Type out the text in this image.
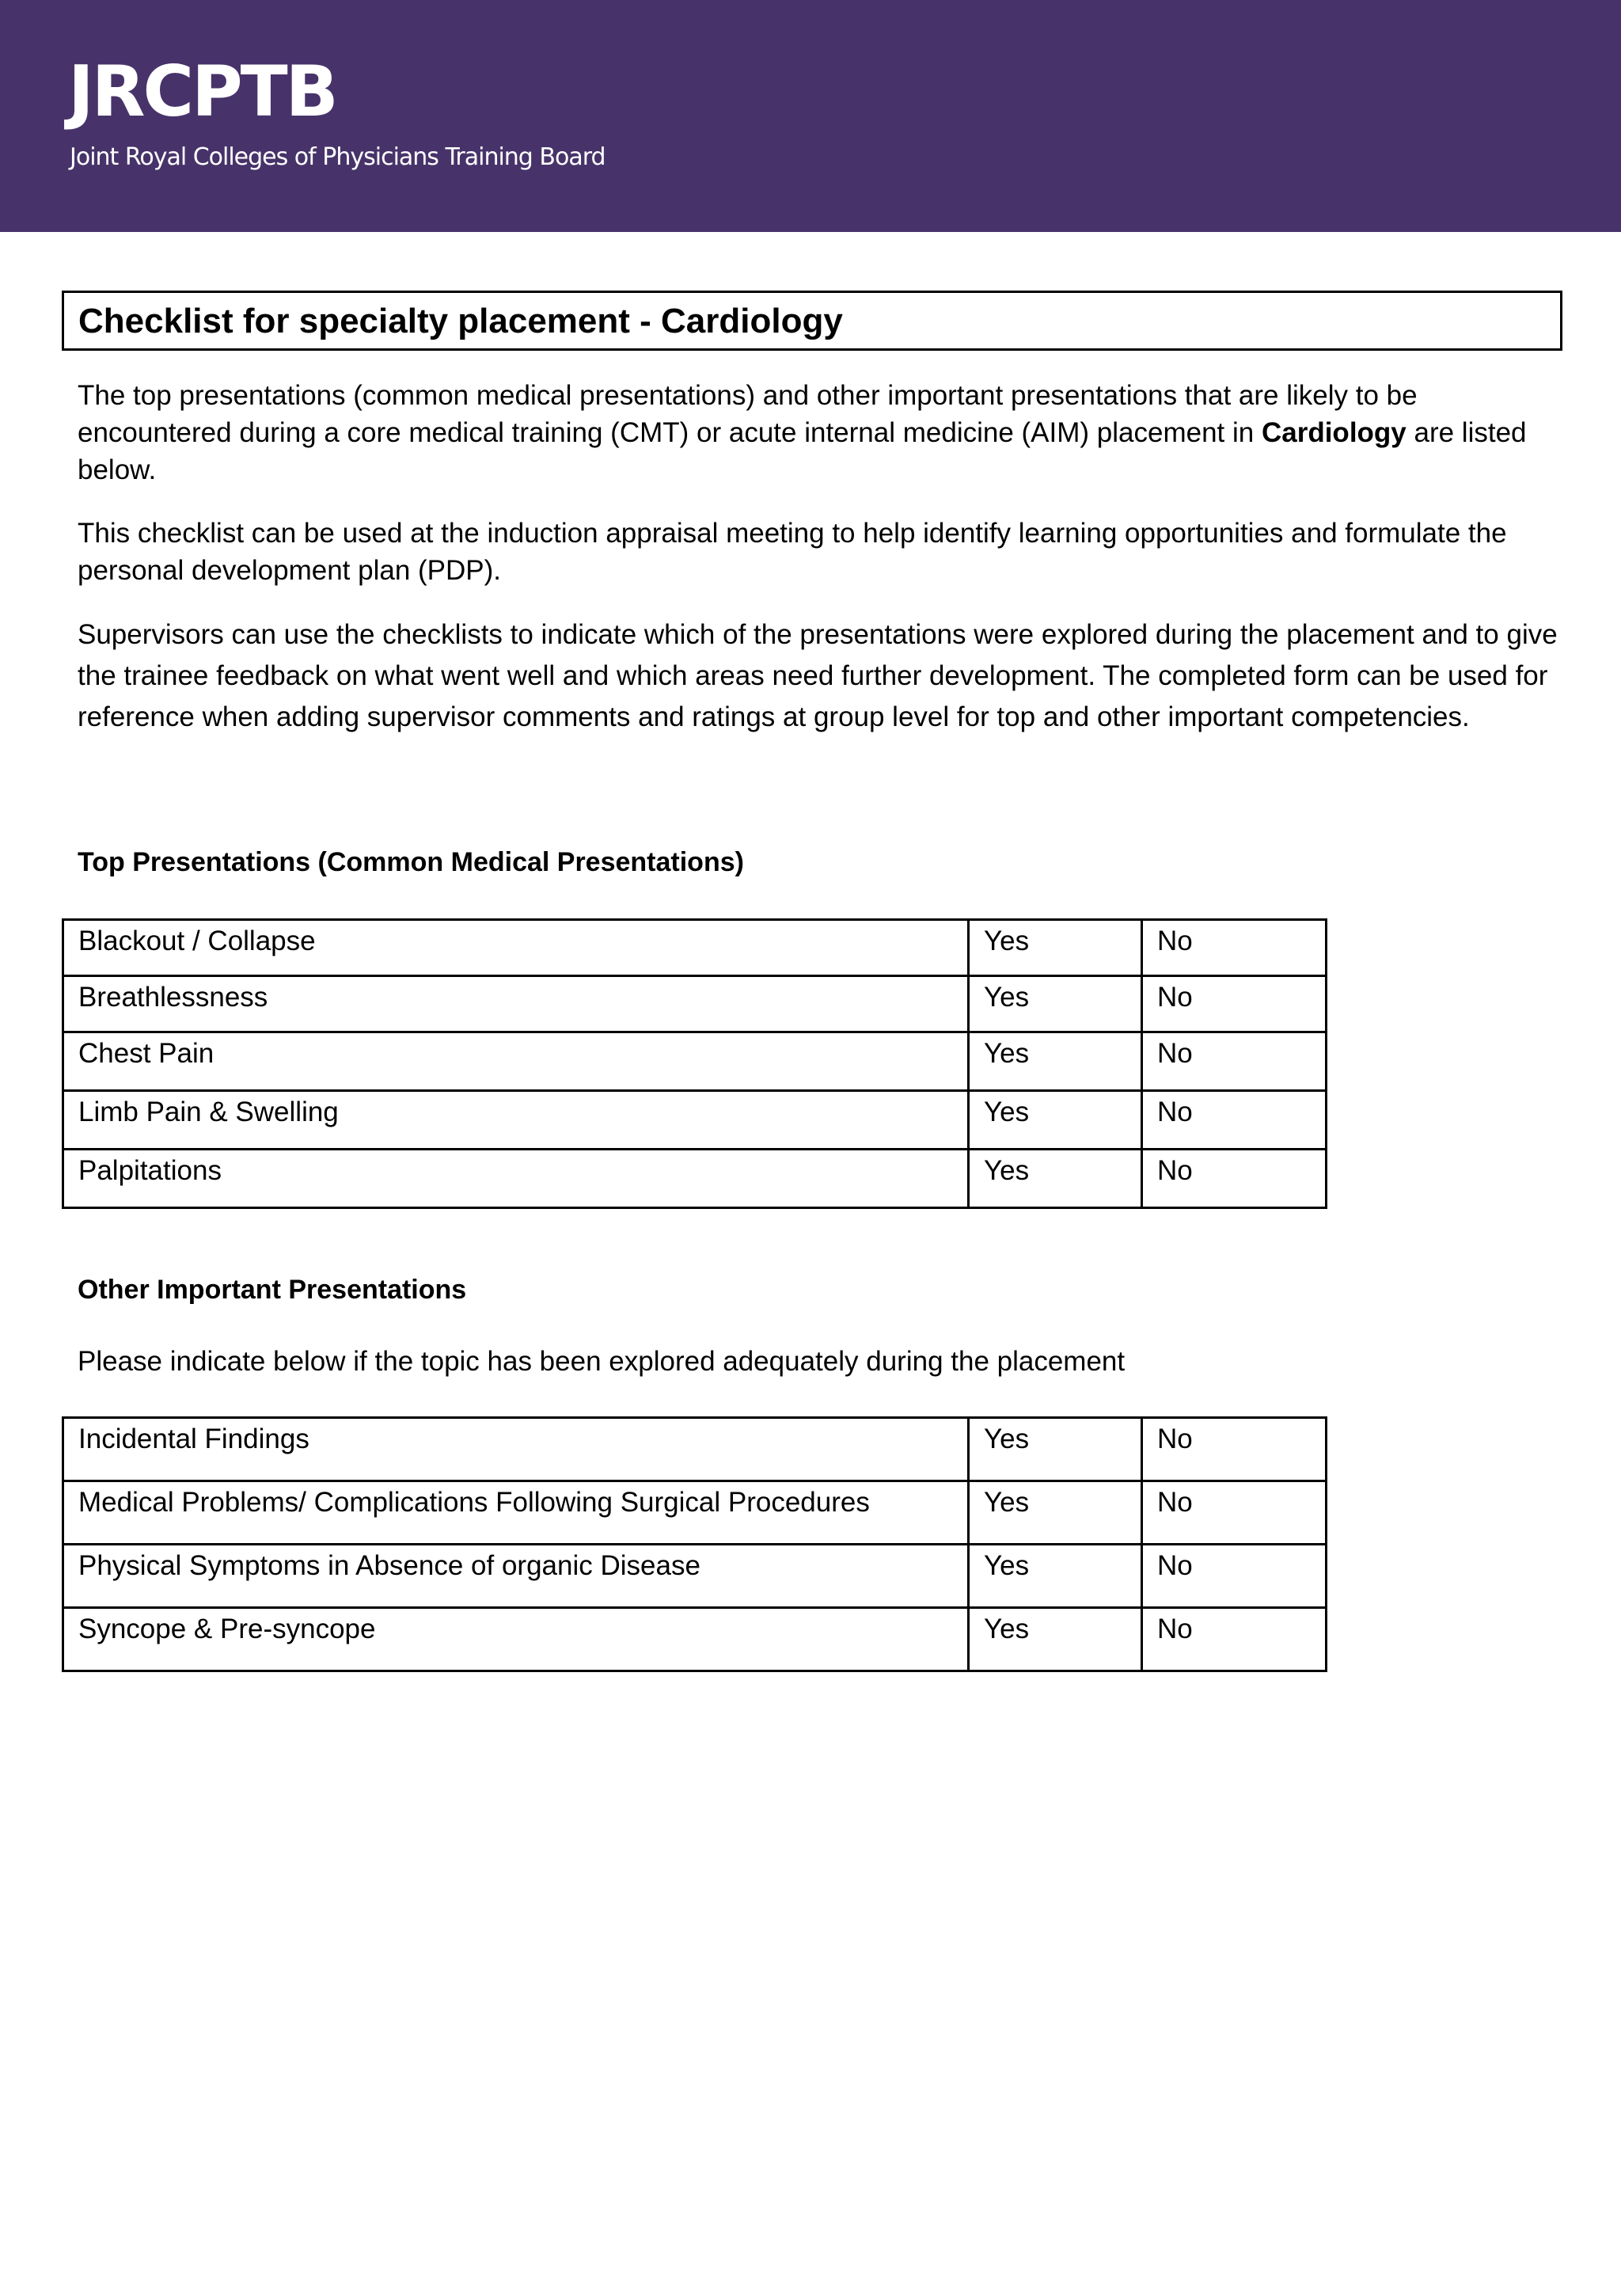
JRCPTB
Joint Royal Colleges of Physicians Training Board
Checklist for specialty placement - Cardiology

The top presentations (common medical presentations) and other important presentations that are likely to be encountered during a core medical training (CMT) or acute internal medicine (AIM) placement in Cardiology are listed below.

This checklist can be used at the induction appraisal meeting to help identify learning opportunities and formulate the personal development plan (PDP).

Supervisors can use the checklists to indicate which of the presentations were explored during the placement and to give the trainee feedback on what went well and which areas need further development. The completed form can be used for reference when adding supervisor comments and ratings at group level for top and other important competencies.

Top Presentations (Common Medical Presentations)
Blackout / Collapse	Yes	No
Breathlessness	Yes	No
Chest Pain	Yes	No
Limb Pain & Swelling	Yes	No
Palpitations	Yes	No
Other Important Presentations

Please indicate below if the topic has been explored adequately during the placement

Incidental Findings	Yes	No
Medical Problems/ Complications Following Surgical Procedures	Yes	No
Physical Symptoms in Absence of organic Disease	Yes	No
Syncope & Pre-syncope	Yes	No
